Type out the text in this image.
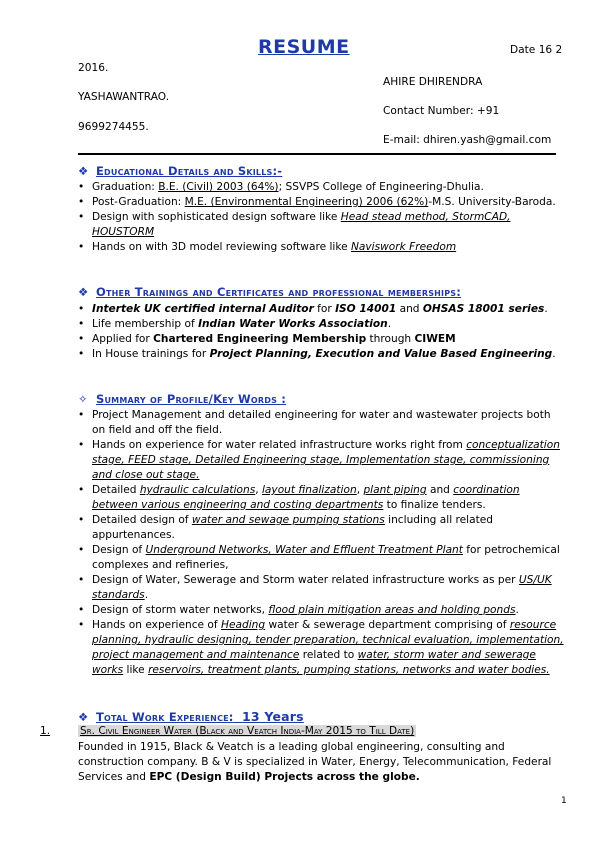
RESUME	Date 16 2
2016.
AHIRE DHIRENDRA
YASHAWANTRAO.
Contact Number: +91
9699274455.
E-mail: dhiren.yash@gmail.com
❖ Educational Details and Skills:-
• Graduation: B.E. (Civil) 2003 (64%); SSVPS College of Engineering-Dhulia.
• Post-Graduation: M.E. (Environmental Engineering) 2006 (62%)-M.S. University-Baroda.
• Design with sophisticated design software like Head stead method, StormCAD, HOUSTORM
• Hands on with 3D model reviewing software like Naviswork Freedom
❖ Other Trainings and Certificates and professional memberships:
• Intertek UK certified internal Auditor for ISO 14001 and OHSAS 18001 series.
• Life membership of Indian Water Works Association.
• Applied for Chartered Engineering Membership through CIWEM
• In House trainings for Project Planning, Execution and Value Based Engineering.
✧ Summary of Profile/Key Words :
• Project Management and detailed engineering for water and wastewater projects both on field and off the field.
• Hands on experience for water related infrastructure works right from conceptualization stage, FEED stage, Detailed Engineering stage, Implementation stage, commissioning and close out stage.
• Detailed hydraulic calculations, layout finalization, plant piping and coordination between various engineering and costing departments to finalize tenders.
• Detailed design of water and sewage pumping stations including all related appurtenances.
• Design of Underground Networks, Water and Effluent Treatment Plant for petrochemical complexes and refineries,
• Design of Water, Sewerage and Storm water related infrastructure works as per US/UK standards.
• Design of storm water networks, flood plain mitigation areas and holding ponds.
• Hands on experience of Heading water & sewerage department comprising of resource planning, hydraulic designing, tender preparation, technical evaluation, implementation, project management and maintenance related to water, storm water and sewerage works like reservoirs, treatment plants, pumping stations, networks and water bodies.
❖ Total Work Experience: 13 Years
1.	Sr. Civil Engineer Water (Black and Veatch India-May 2015 to Till Date)
Founded in 1915, Black & Veatch is a leading global engineering, consulting and construction company. B & V is specialized in Water, Energy, Telecommunication, Federal Services and EPC (Design Build) Projects across the globe.
1
